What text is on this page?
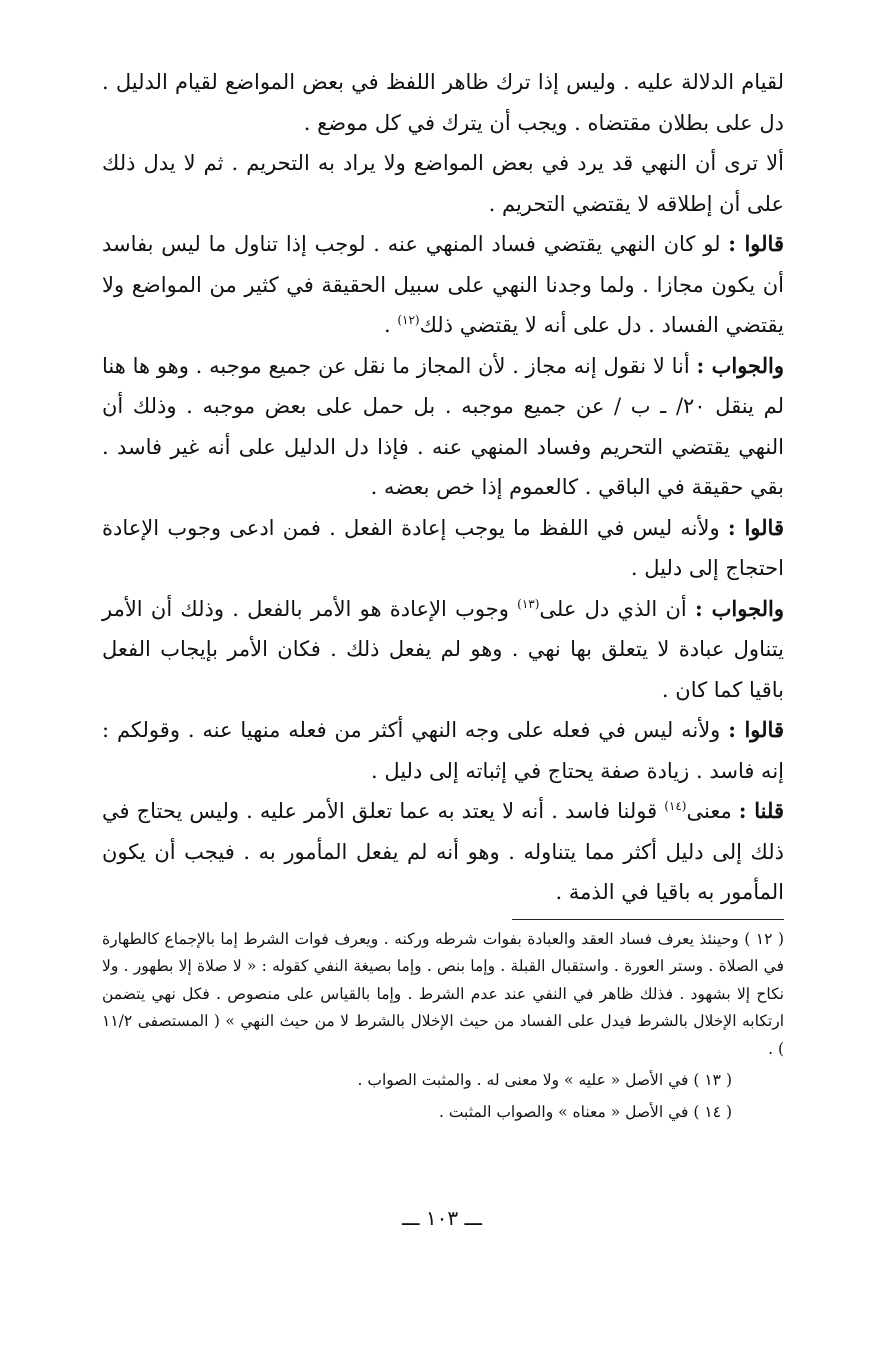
لقيام الدلالة عليه . وليس إذا ترك ظاهر اللفظ في بعض المواضع لقيام الدليل . دل على بطلان مقتضاه . ويجب أن يترك في كل موضع .

ألا ترى أن النهي قد يرد في بعض المواضع ولا يراد به التحريم . ثم لا يدل ذلك على أن إطلاقه لا يقتضي التحريم .

قالوا : لو كان النهي يقتضي فساد المنهي عنه . لوجب إذا تناول ما ليس بفاسد أن يكون مجازا . ولما وجدنا النهي على سبيل الحقيقة في كثير من المواضع ولا يقتضي الفساد . دل على أنه لا يقتضي ذلك$^{(١٢)}$ .

والجواب : أنا لا نقول إنه مجاز . لأن المجاز ما نقل عن جميع موجبه . وهو ها هنا لم ينقل ٢٠/ ـ ب / عن جميع موجبه . بل حمل على بعض موجبه . وذلك أن النهي يقتضي التحريم وفساد المنهي عنه . فإذا دل الدليل على أنه غير فاسد . بقي حقيقة في الباقي . كالعموم إذا خص بعضه .

قالوا : ولأنه ليس في اللفظ ما يوجب إعادة الفعل . فمن ادعى وجوب الإعادة احتجاج إلى دليل .

والجواب : أن الذي دل على$^{(١٣)}$ وجوب الإعادة هو الأمر بالفعل . وذلك أن الأمر يتناول عبادة لا يتعلق بها نهي . وهو لم يفعل ذلك . فكان الأمر بإيجاب الفعل باقيا كما كان .

قالوا : ولأنه ليس في فعله على وجه النهي أكثر من فعله منهيا عنه . وقولكم : إنه فاسد . زيادة صفة يحتاج في إثباته إلى دليل .

قلنا : معنى$^{(١٤)}$ قولنا فاسد . أنه لا يعتد به عما تعلق الأمر عليه . وليس يحتاج في ذلك إلى دليل أكثر مما يتناوله . وهو أنه لم يفعل المأمور به . فيجب أن يكون المأمور به باقيا في الذمة .

( ١٢ ) وحينئذ يعرف فساد العقد والعبادة بفوات شرطه وركنه . ويعرف فوات الشرط إما بالإجماع كالطهارة في الصلاة . وستر العورة . واستقبال القبلة . وإما بنص . وإما بصيغة النفي كقوله : « لا صلاة إلا بطهور . ولا نكاح إلا بشهود . فذلك ظاهر في النفي عند عدم الشرط . وإما بالقياس على منصوص . فكل نهي يتضمن ارتكابه الإخلال بالشرط فيدل على الفساد من حيث الإخلال بالشرط لا من حيث النهي » ( المستصفى ١١/٢ ) .

( ١٣ ) في الأصل « عليه » ولا معنى له . والمثبت الصواب .

( ١٤ ) في الأصل « معناه » والصواب المثبت .

ـــ ١٠٣ ـــ
